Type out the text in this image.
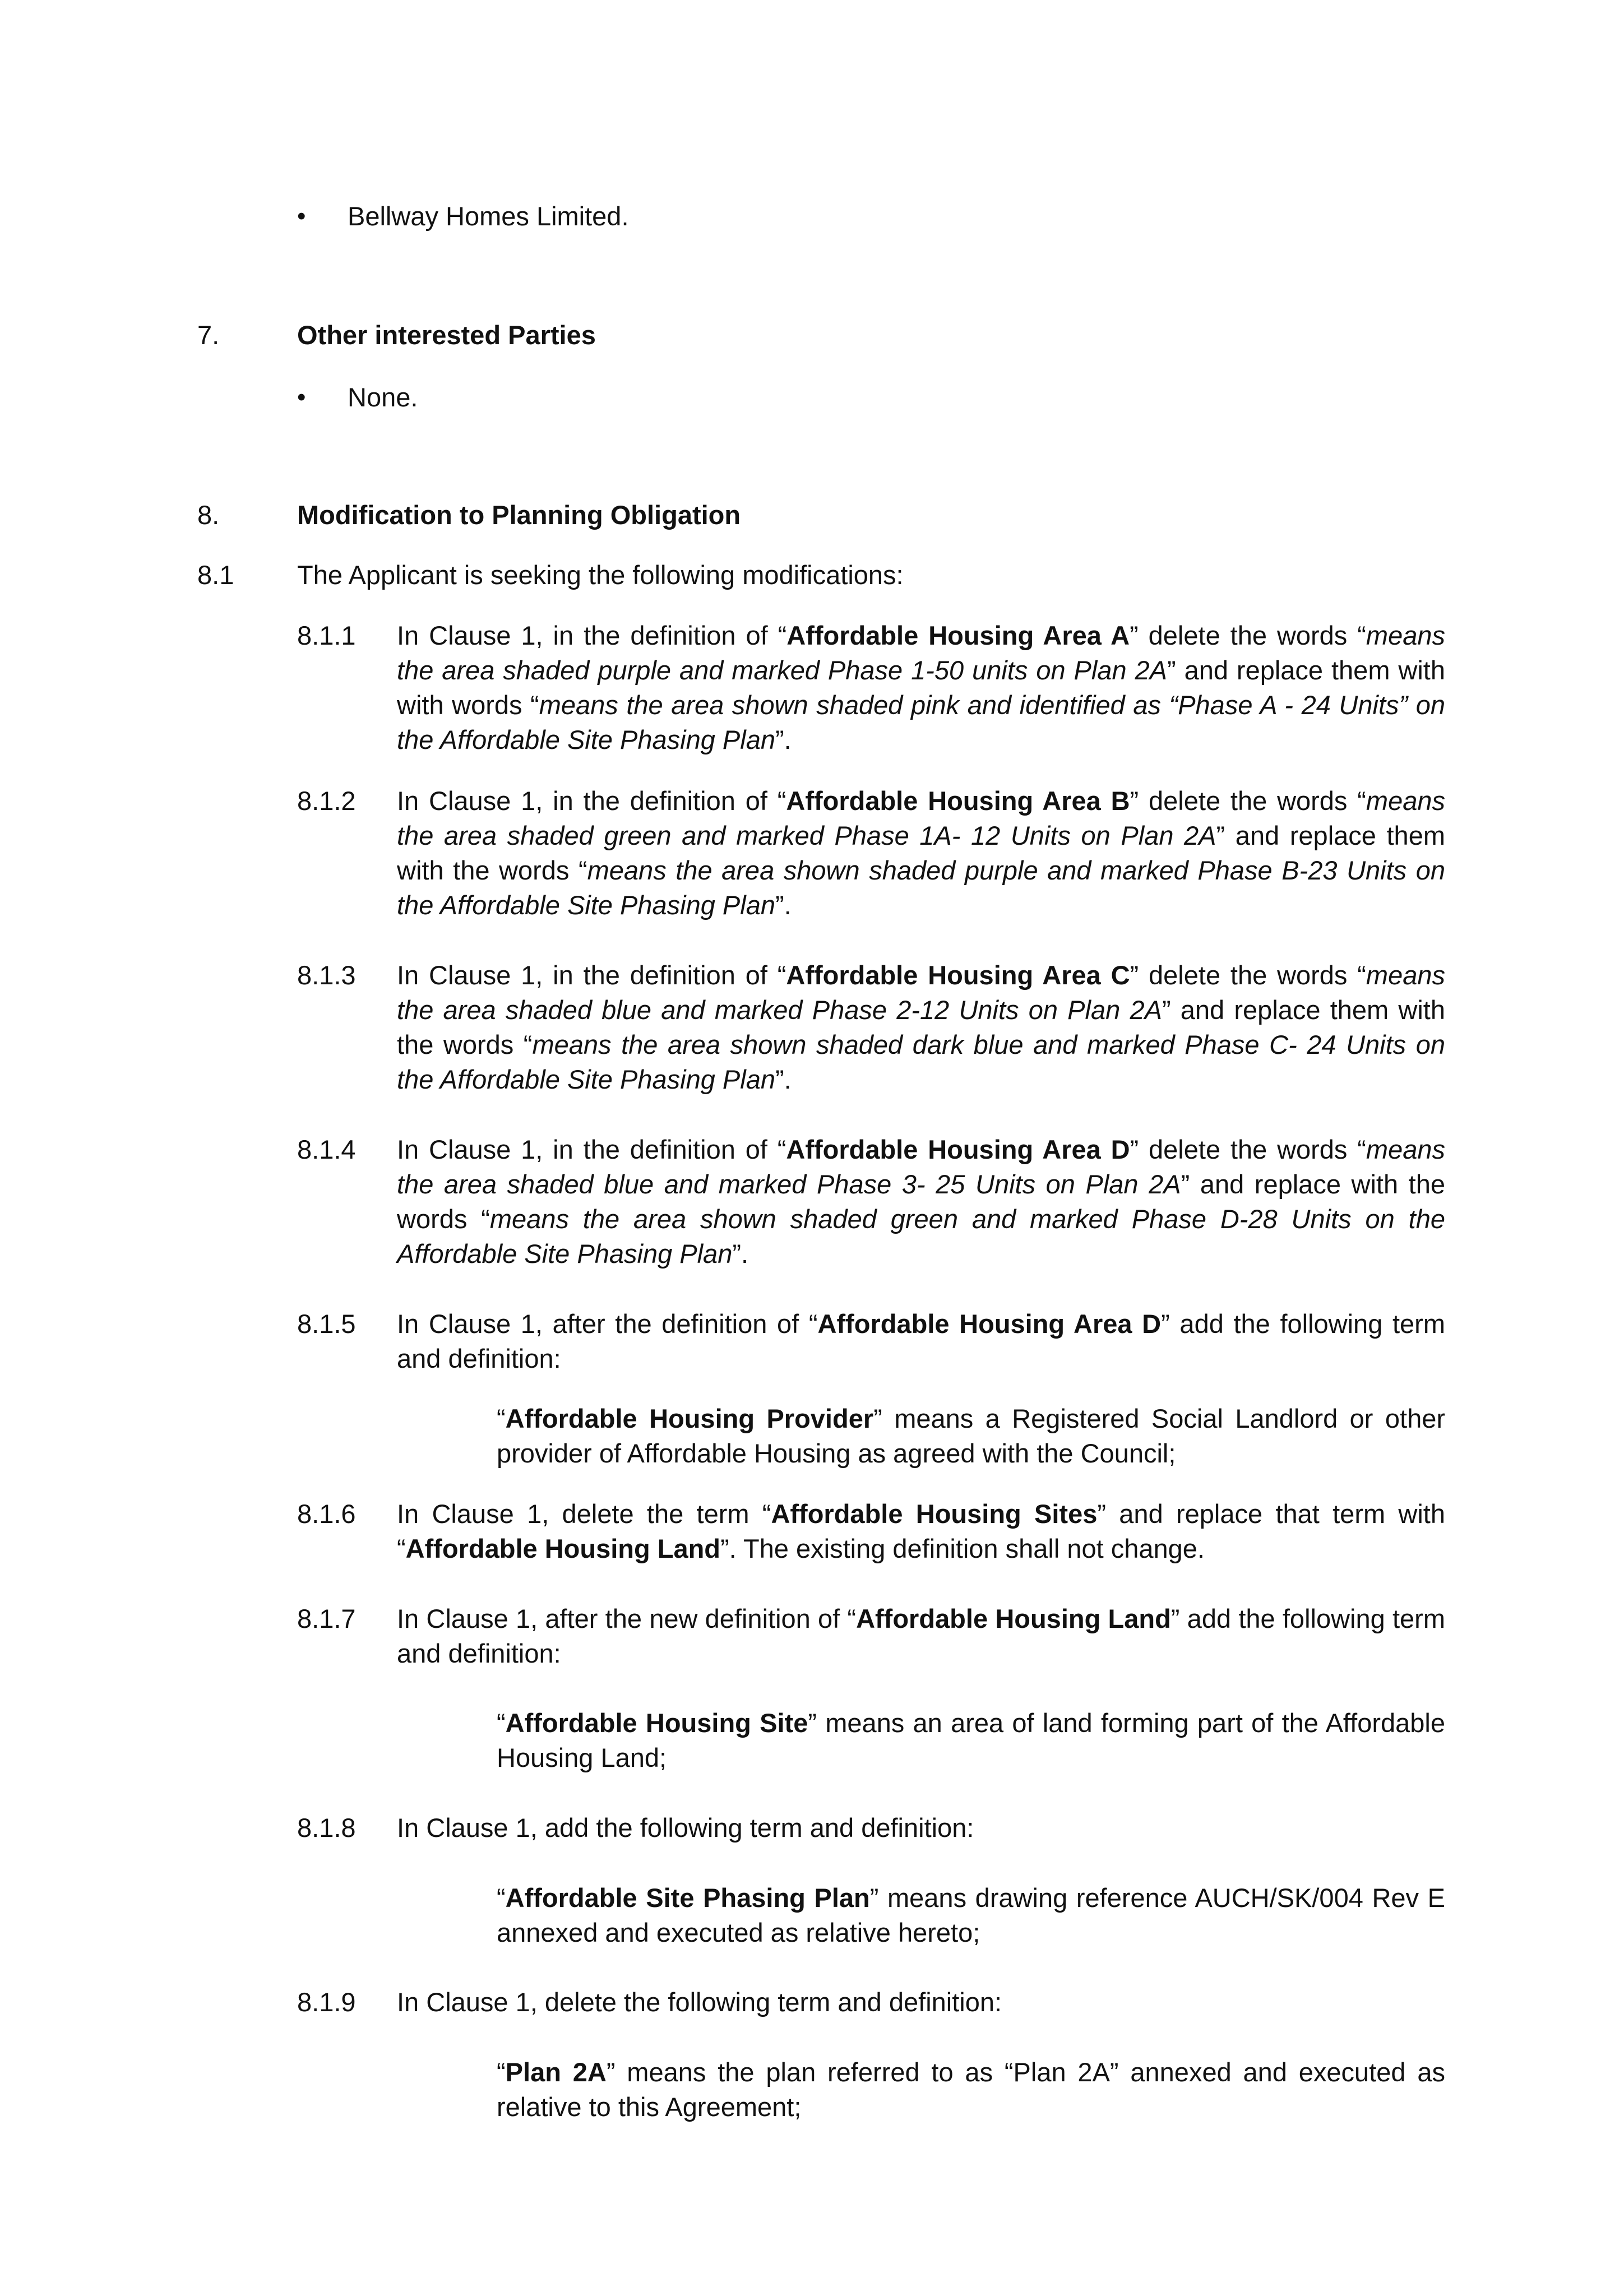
• Bellway Homes Limited.
7.	Other interested Parties
• None.
8.	Modification to Planning Obligation
8.1 The Applicant is seeking the following modifications:
8.1.1 In Clause 1, in the definition of “Affordable Housing Area A” delete the words “means the area shaded purple and marked Phase 1-50 units on Plan 2A” and replace them with with words “means the area shown shaded pink and identified as “Phase A - 24 Units” on the Affordable Site Phasing Plan”.
8.1.2 In Clause 1, in the definition of “Affordable Housing Area B” delete the words “means the area shaded green and marked Phase 1A- 12 Units on Plan 2A” and replace them with the words “means the area shown shaded purple and marked Phase B-23 Units on the Affordable Site Phasing Plan”.
8.1.3 In Clause 1, in the definition of “Affordable Housing Area C” delete the words “means the area shaded blue and marked Phase 2-12 Units on Plan 2A” and replace them with the words “means the area shown shaded dark blue and marked Phase C- 24 Units on the Affordable Site Phasing Plan”.
8.1.4 In Clause 1, in the definition of “Affordable Housing Area D” delete the words “means the area shaded blue and marked Phase 3- 25 Units on Plan 2A” and replace with the words “means the area shown shaded green and marked Phase D-28 Units on the Affordable Site Phasing Plan”.
8.1.5 In Clause 1, after the definition of “Affordable Housing Area D” add the following term and definition:
“Affordable Housing Provider” means a Registered Social Landlord or other provider of Affordable Housing as agreed with the Council;
8.1.6 In Clause 1, delete the term “Affordable Housing Sites” and replace that term with “Affordable Housing Land”. The existing definition shall not change.
8.1.7 In Clause 1, after the new definition of “Affordable Housing Land” add the following term and definition:
“Affordable Housing Site” means an area of land forming part of the Affordable Housing Land;
8.1.8 In Clause 1, add the following term and definition:
“Affordable Site Phasing Plan” means drawing reference AUCH/SK/004 Rev E annexed and executed as relative hereto;
8.1.9 In Clause 1, delete the following term and definition:
“Plan 2A” means the plan referred to as “Plan 2A” annexed and executed as relative to this Agreement;
